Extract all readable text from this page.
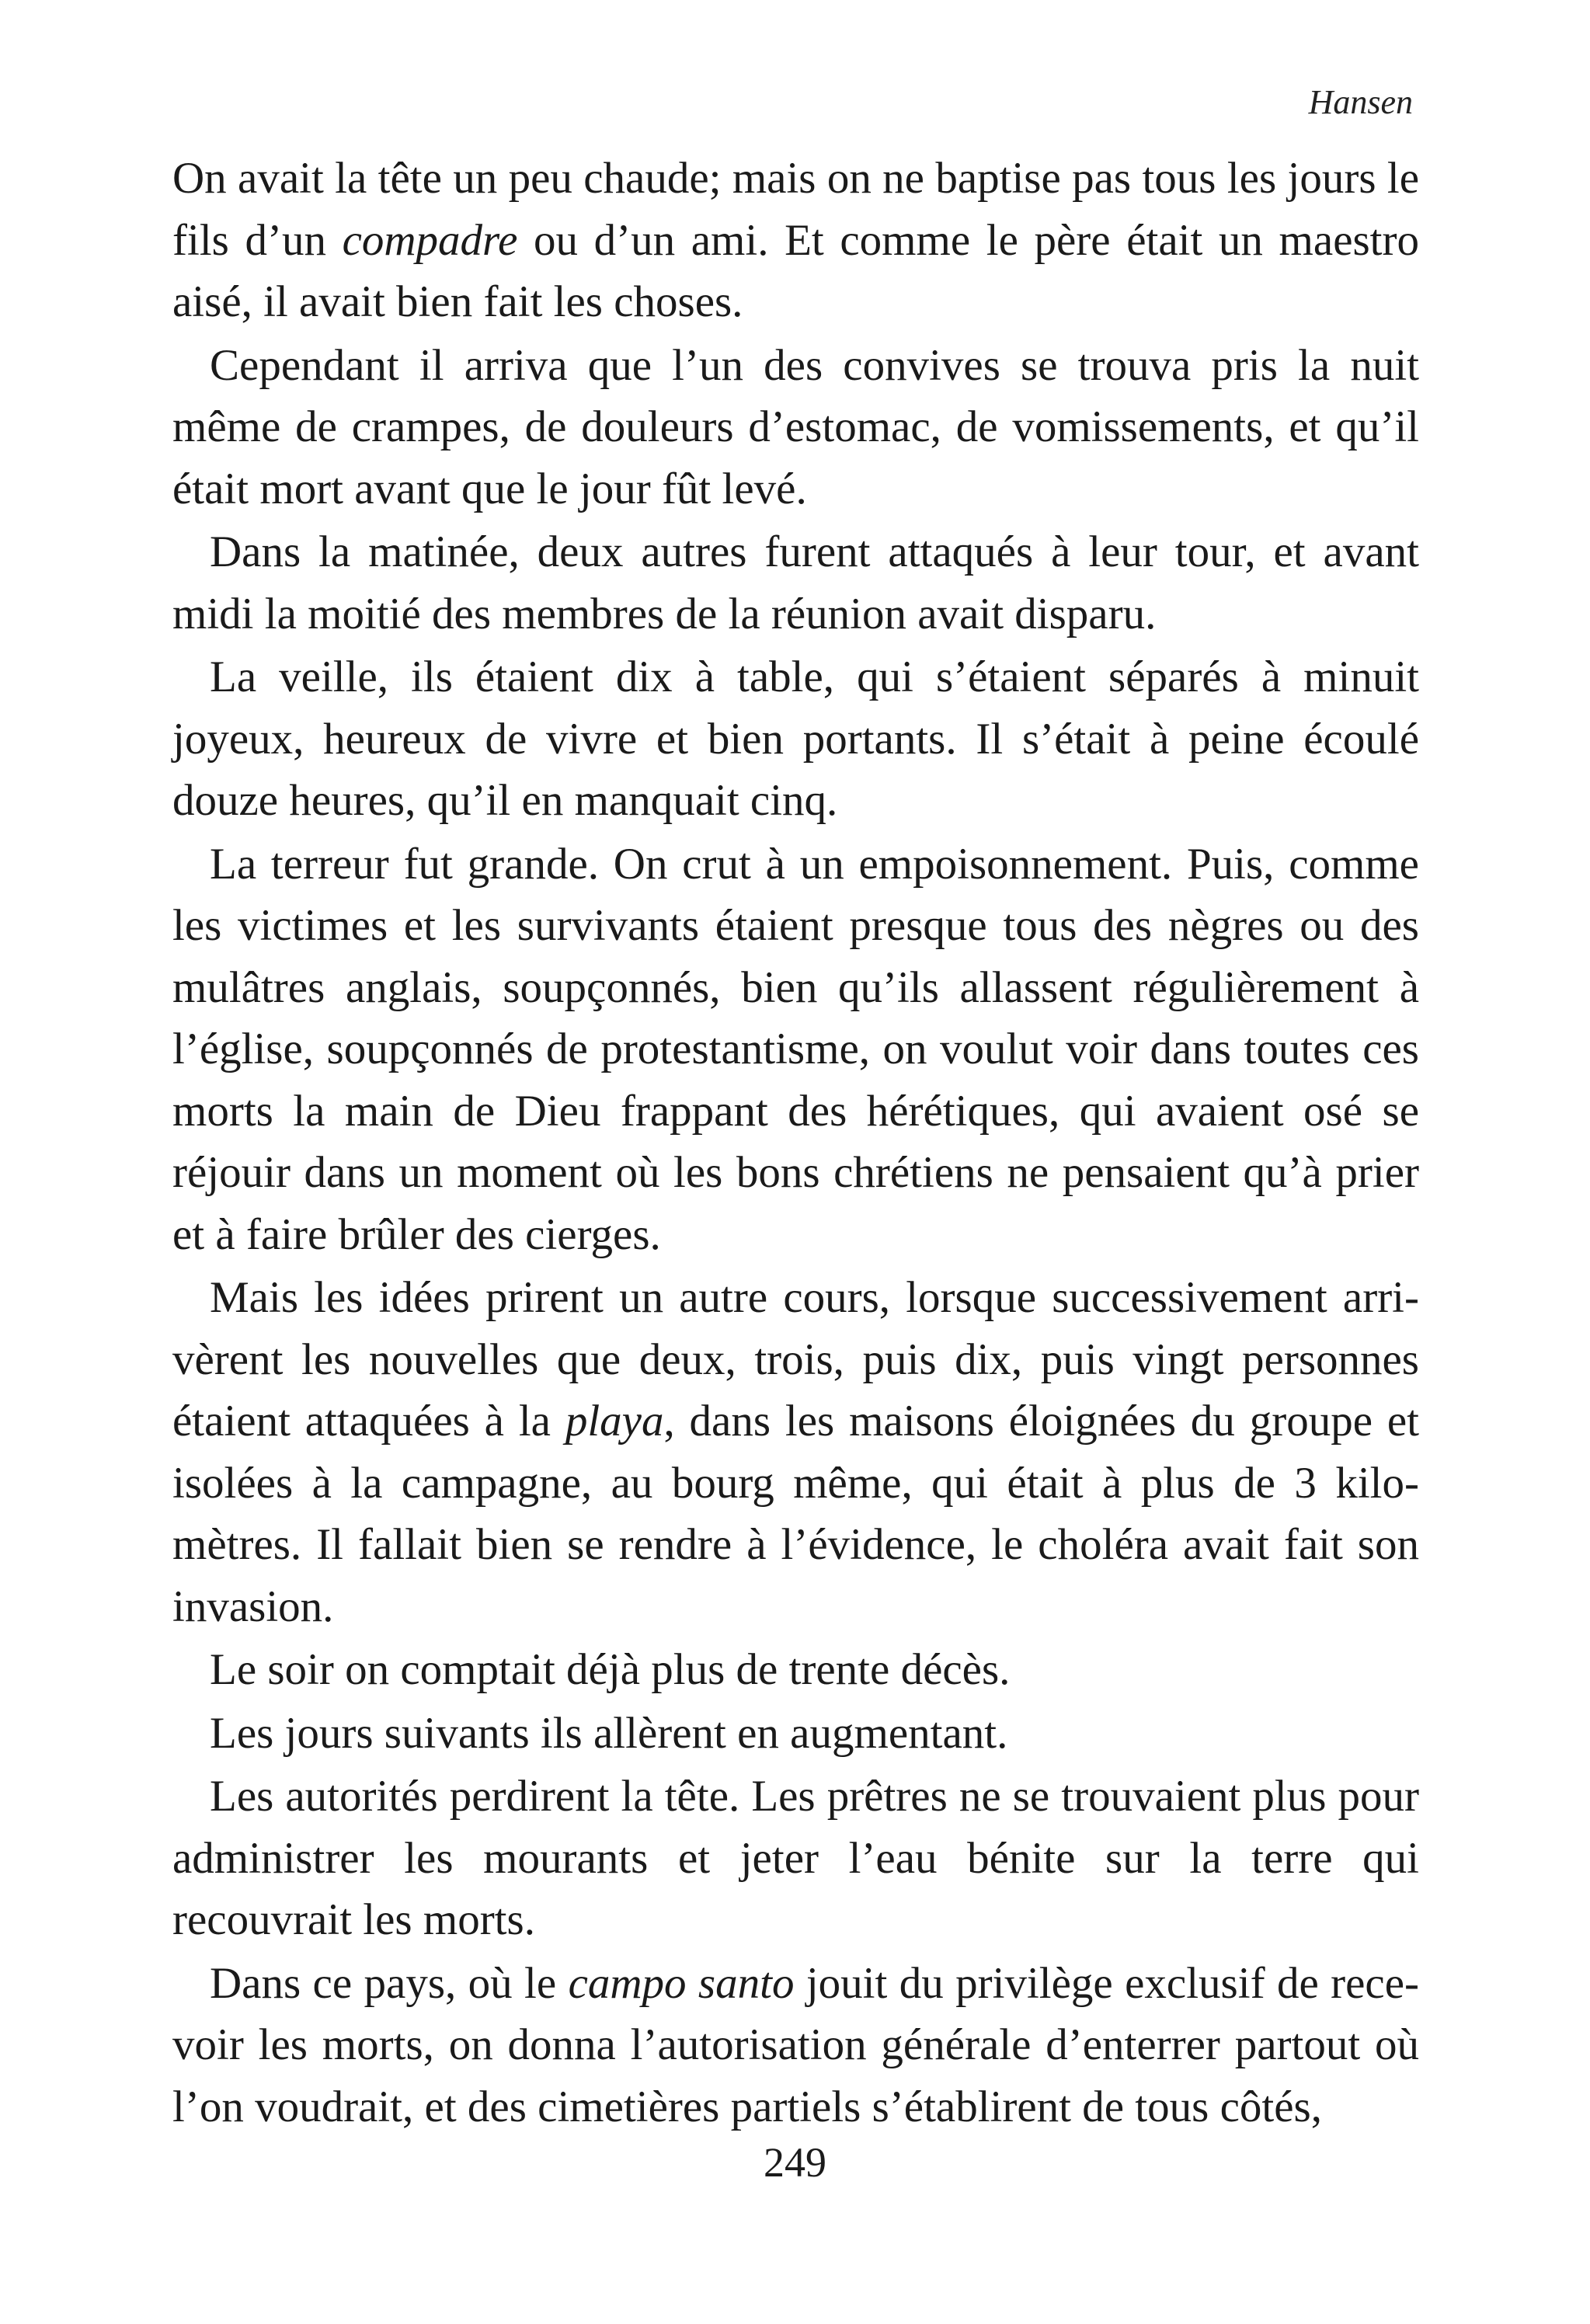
Hansen

On avait la tête un peu chaude; mais on ne baptise pas tous les jours le fils d’un compadre ou d’un ami. Et comme le père était un maestro aisé, il avait bien fait les choses.

Cependant il arriva que l’un des convives se trouva pris la nuit même de crampes, de douleurs d’estomac, de vomissements, et qu’il était mort avant que le jour fût levé.

Dans la matinée, deux autres furent attaqués à leur tour, et avant midi la moitié des membres de la réunion avait disparu.

La veille, ils étaient dix à table, qui s’étaient séparés à minuit joyeux, heureux de vivre et bien portants. Il s’était à peine écoulé douze heures, qu’il en manquait cinq.

La terreur fut grande. On crut à un empoisonnement. Puis, comme les victimes et les survivants étaient presque tous des nègres ou des mulâtres anglais, soupçonnés, bien qu’ils allassent régulièrement à l’église, soupçonnés de protestantisme, on voulut voir dans toutes ces morts la main de Dieu frappant des hérétiques, qui avaient osé se réjouir dans un moment où les bons chrétiens ne pensaient qu’à prier et à faire brûler des cierges.

Mais les idées prirent un autre cours, lorsque successivement arrivèrent les nouvelles que deux, trois, puis dix, puis vingt personnes étaient attaquées à la playa, dans les maisons éloignées du groupe et isolées à la campagne, au bourg même, qui était à plus de 3 kilomètres. Il fallait bien se rendre à l’évidence, le choléra avait fait son invasion.

Le soir on comptait déjà plus de trente décès.

Les jours suivants ils allèrent en augmentant.

Les autorités perdirent la tête. Les prêtres ne se trouvaient plus pour administrer les mourants et jeter l’eau bénite sur la terre qui recouvrait les morts.

Dans ce pays, où le campo santo jouit du privilège exclusif de recevoir les morts, on donna l’autorisation générale d’enterrer partout où l’on voudrait, et des cimetières partiels s’établirent de tous côtés,

249
